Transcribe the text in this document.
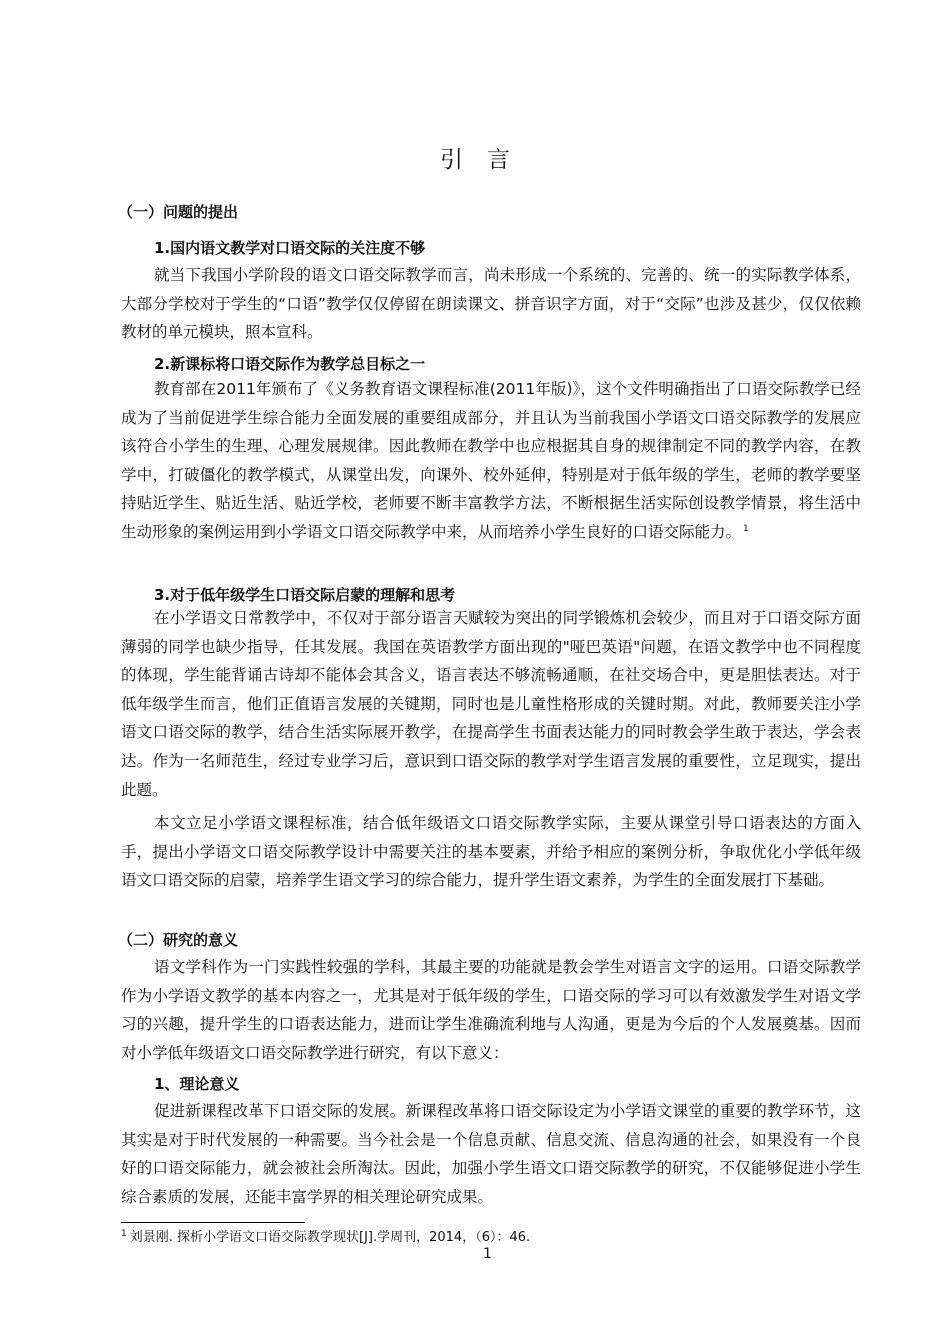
引言
（一）问题的提出
1.国内语文教学对口语交际的关注度不够

就当下我国小学阶段的语文口语交际教学而言，尚未形成一个系统的、完善的、统一的实际教学体系，大部分学校对于学生的“口语”教学仅仅停留在朗读课文、拼音识字方面，对于“交际”也涉及甚少，仅仅依赖教材的单元模块，照本宣科。

2.新课标将口语交际作为教学总目标之一

教育部在2011年颁布了《义务教育语文课程标准(2011年版)》，这个文件明确指出了口语交际教学已经成为了当前促进学生综合能力全面发展的重要组成部分，并且认为当前我国小学语文口语交际教学的发展应该符合小学生的生理、心理发展规律。因此教师在教学中也应根据其自身的规律制定不同的教学内容，在教学中，打破僵化的教学模式，从课堂出发，向课外、校外延伸，特别是对于低年级的学生，老师的教学要坚持贴近学生、贴近生活、贴近学校，老师要不断丰富教学方法，不断根据生活实际创设教学情景，将生活中生动形象的案例运用到小学语文口语交际教学中来，从而培养小学生良好的口语交际能力。 $^1$

3.对于低年级学生口语交际启蒙的理解和思考

在小学语文日常教学中，不仅对于部分语言天赋较为突出的同学锻炼机会较少，而且对于口语交际方面薄弱的同学也缺少指导，任其发展。我国在英语教学方面出现的"哑巴英语"问题，在语文教学中也不同程度的体现，学生能背诵古诗却不能体会其含义，语言表达不够流畅通顺，在社交场合中，更是胆怯表达。对于低年级学生而言，他们正值语言发展的关键期，同时也是儿童性格形成的关键时期。对此，教师要关注小学语文口语交际的教学，结合生活实际展开教学，在提高学生书面表达能力的同时教会学生敢于表达，学会表达。作为一名师范生，经过专业学习后，意识到口语交际的教学对学生语言发展的重要性，立足现实，提出此题。

本文立足小学语文课程标准，结合低年级语文口语交际教学实际，主要从课堂引导口语表达的方面入手，提出小学语文口语交际教学设计中需要关注的基本要素，并给予相应的案例分析，争取优化小学低年级语文口语交际的启蒙，培养学生语文学习的综合能力，提升学生语文素养，为学生的全面发展打下基础。

（二）研究的意义

语文学科作为一门实践性较强的学科，其最主要的功能就是教会学生对语言文字的运用。口语交际教学作为小学语文教学的基本内容之一，尤其是对于低年级的学生，口语交际的学习可以有效激发学生对语文学习的兴趣，提升学生的口语表达能力，进而让学生准确流利地与人沟通，更是为今后的个人发展奠基。因而对小学低年级语文口语交际教学进行研究，有以下意义：

1、理论意义

促进新课程改革下口语交际的发展。新课程改革将口语交际设定为小学语文课堂的重要的教学环节，这其实是对于时代发展的一种需要。当今社会是一个信息贡献、信息交流、信息沟通的社会，如果没有一个良好的口语交际能力，就会被社会所淘汰。因此，加强小学生语文口语交际教学的研究，不仅能够促进小学生综合素质的发展，还能丰富学界的相关理论研究成果。

$^1$ 刘景刚. 探析小学语文口语交际教学现状[J].学周刊，2014，（6）：46.
1
